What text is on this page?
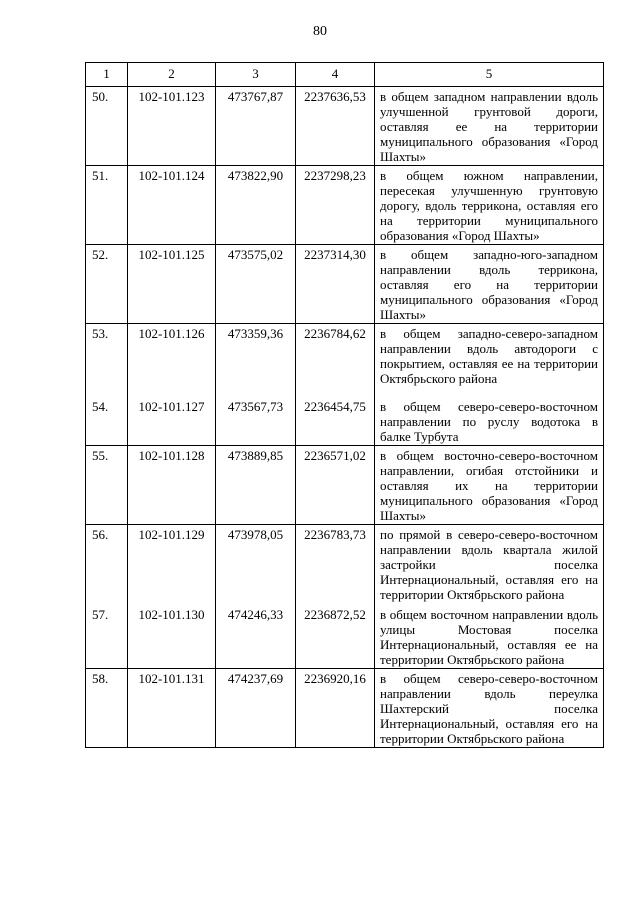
80
1	2	3	4	5
50.	102-101.123	473767,87	2237636,53	в общем западном направлении вдоль улучшенной грунтовой дороги, оставляя ее на территории муниципального образования «Город Шахты»
51.	102-101.124	473822,90	2237298,23	в общем южном направлении, пересекая улучшенную грунтовую дорогу, вдоль терриконa, оставляя его на территории муниципального образования «Город Шахты»
52.	102-101.125	473575,02	2237314,30	в общем западно-юго-западном направлении вдоль террикона, оставляя его на территории муниципального образования «Город Шахты»
53.	102-101.126	473359,36	2236784,62	в общем западно-северо-западном направлении вдоль автодороги с покрытием, оставляя ее на территории Октябрьского района
54.	102-101.127	473567,73	2236454,75	в общем северо-северо-восточном направлении по руслу водотока в балке Турбута
55.	102-101.128	473889,85	2236571,02	в общем восточно-северо-восточном направлении, огибая отстойники и оставляя их на территории муниципального образования «Город Шахты»
56.	102-101.129	473978,05	2236783,73	по прямой в северо-северо-восточном направлении вдоль квартала жилой застройки поселка Интернациональный, оставляя его на территории Октябрьского района
57.	102-101.130	474246,33	2236872,52	в общем восточном направлении вдоль улицы Мостовая поселка Интернациональный, оставляя ее на территории Октябрьского района
58.	102-101.131	474237,69	2236920,16	в общем северо-северо-восточном направлении вдоль переулка Шахтерский поселка Интернациональный, оставляя его на территории Октябрьского района
